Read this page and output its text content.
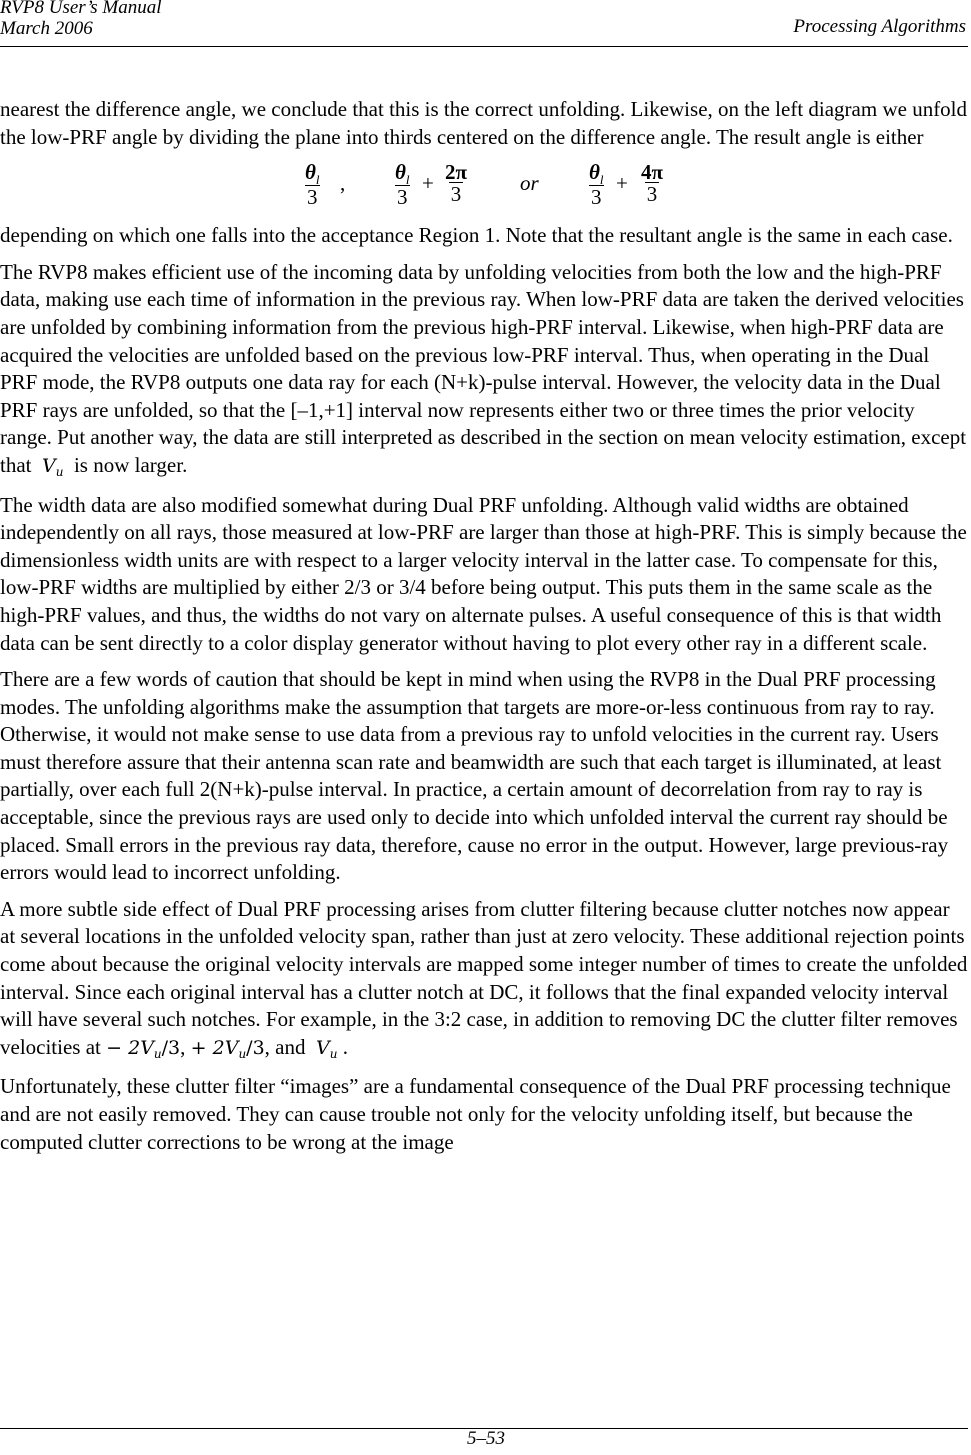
RVP8 User’s Manual
March 2006	Processing Algorithms

nearest the difference angle, we conclude that this is the correct unfolding. Likewise, on the left diagram we unfold the low-PRF angle by dividing the plane into thirds centered on the difference angle. The result angle is either

$\frac{\theta_l}{3}$ , $\frac{\theta_l}{3} + \frac{2\pi}{3}$ or $\frac{\theta_l}{3} + \frac{4\pi}{3}$

depending on which one falls into the acceptance Region 1. Note that the resultant angle is the same in each case.

The RVP8 makes efficient use of the incoming data by unfolding velocities from both the low and the high-PRF data, making use each time of information in the previous ray. When low-PRF data are taken the derived velocities are unfolded by combining information from the previous high-PRF interval. Likewise, when high-PRF data are acquired the velocities are unfolded based on the previous low-PRF interval. Thus, when operating in the Dual PRF mode, the RVP8 outputs one data ray for each (N+k)-pulse interval. However, the velocity data in the Dual PRF rays are unfolded, so that the [–1,+1] interval now represents either two or three times the prior velocity range. Put another way, the data are still interpreted as described in the section on mean velocity estimation, except that $V_u$ is now larger.

The width data are also modified somewhat during Dual PRF unfolding. Although valid widths are obtained independently on all rays, those measured at low-PRF are larger than those at high-PRF. This is simply because the dimensionless width units are with respect to a larger velocity interval in the latter case. To compensate for this, low-PRF widths are multiplied by either 2/3 or 3/4 before being output. This puts them in the same scale as the high-PRF values, and thus, the widths do not vary on alternate pulses. A useful consequence of this is that width data can be sent directly to a color display generator without having to plot every other ray in a different scale.

There are a few words of caution that should be kept in mind when using the RVP8 in the Dual PRF processing modes. The unfolding algorithms make the assumption that targets are more-or-less continuous from ray to ray. Otherwise, it would not make sense to use data from a previous ray to unfold velocities in the current ray. Users must therefore assure that their antenna scan rate and beamwidth are such that each target is illuminated, at least partially, over each full 2(N+k)-pulse interval. In practice, a certain amount of decorrelation from ray to ray is acceptable, since the previous rays are used only to decide into which unfolded interval the current ray should be placed. Small errors in the previous ray data, therefore, cause no error in the output. However, large previous-ray errors would lead to incorrect unfolding.

A more subtle side effect of Dual PRF processing arises from clutter filtering because clutter notches now appear at several locations in the unfolded velocity span, rather than just at zero velocity. These additional rejection points come about because the original velocity intervals are mapped some integer number of times to create the unfolded interval. Since each original interval has a clutter notch at DC, it follows that the final expanded velocity interval will have several such notches. For example, in the 3:2 case, in addition to removing DC the clutter filter removes velocities at − $2V_u/3$, + $2V_u/3$, and $V_u$ .

Unfortunately, these clutter filter “images” are a fundamental consequence of the Dual PRF processing technique and are not easily removed. They can cause trouble not only for the velocity unfolding itself, but because the computed clutter corrections to be wrong at the image

5–53
